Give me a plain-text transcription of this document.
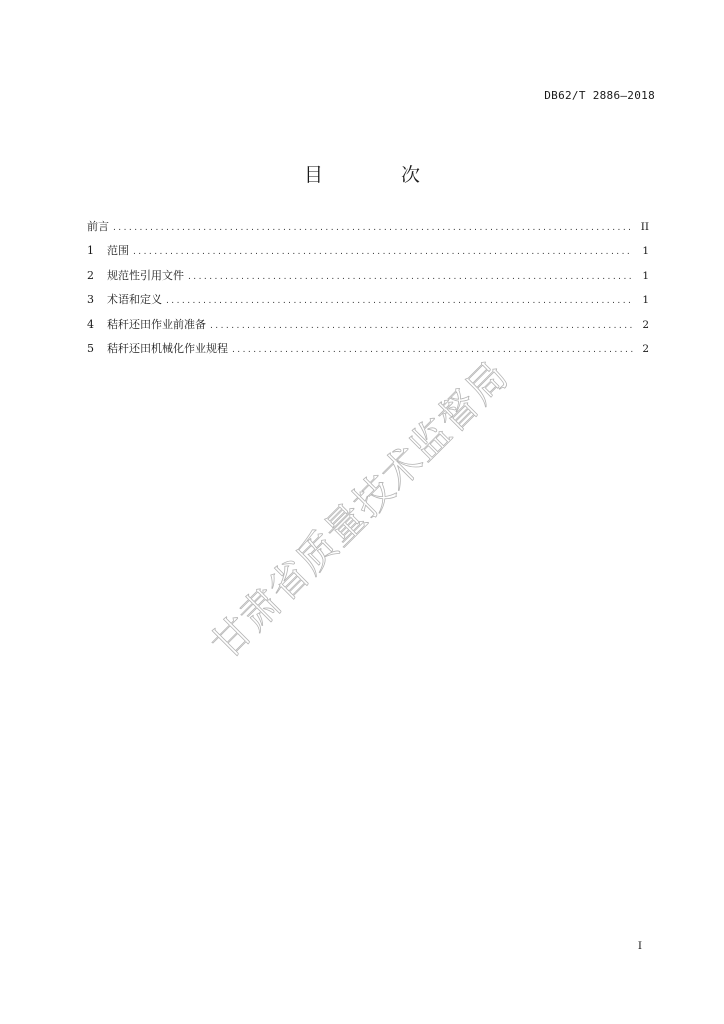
DB62/T 2886—2018
目 次
前言 .....	II
1	范围 .....	1
2	规范性引用文件 .....	1
3	术语和定义 .....	1
4	秸秆还田作业前准备 .....	2
5	秸秆还田机械化作业规程 .....	2
甘肃省质量技术监督局
I
